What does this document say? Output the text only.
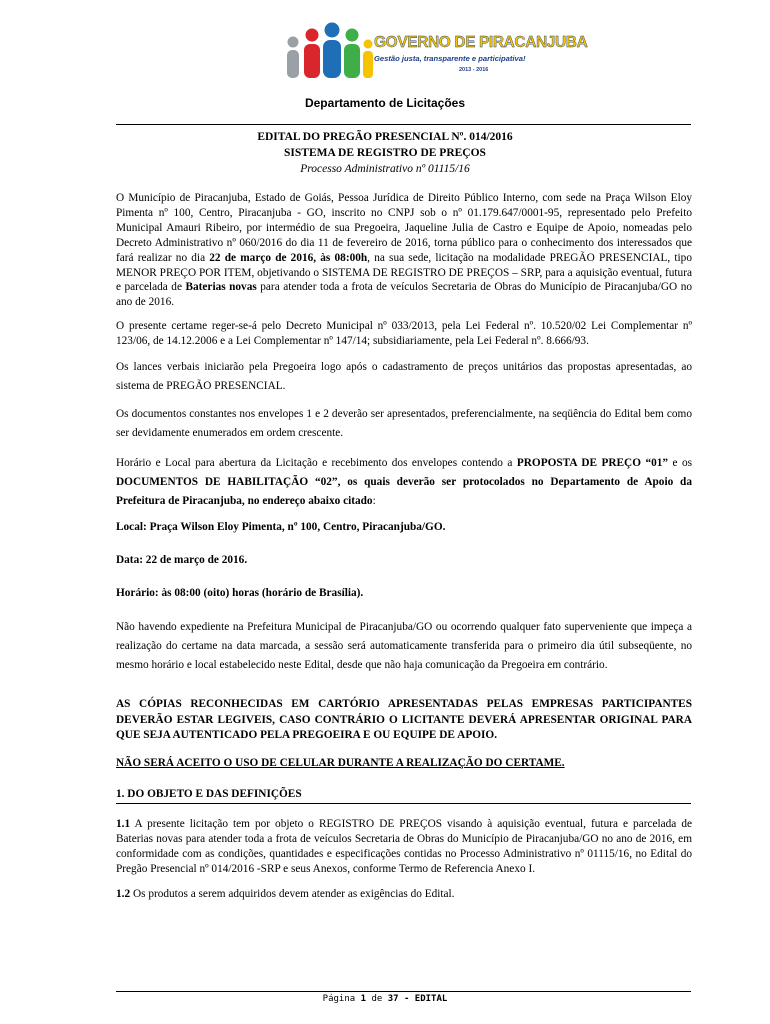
GOVERNO DE PIRACANJUBA
Gestão justa, transparente e participativa!
2013 - 2016
Departamento de Licitações
EDITAL DO PREGÃO PRESENCIAL Nº. 014/2016
SISTEMA DE REGISTRO DE PREÇOS
Processo Administrativo nº 01115/16

O Município de Piracanjuba, Estado de Goiás, Pessoa Jurídica de Direito Público Interno, com sede na Praça Wilson Eloy Pimenta nº 100, Centro, Piracanjuba - GO, inscrito no CNPJ sob o nº 01.179.647/0001-95, representado pelo Prefeito Municipal Amauri Ribeiro, por intermédio de sua Pregoeira, Jaqueline Julia de Castro e Equipe de Apoio, nomeadas pelo Decreto Administrativo nº 060/2016 do dia 11 de fevereiro de 2016, torna público para o conhecimento dos interessados que fará realizar no dia 22 de março de 2016, às 08:00h, na sua sede, licitação na modalidade PREGÃO PRESENCIAL, tipo MENOR PREÇO POR ITEM, objetivando o SISTEMA DE REGISTRO DE PREÇOS – SRP, para a aquisição eventual, futura e parcelada de Baterias novas para atender toda a frota de veículos Secretaria de Obras do Município de Piracanjuba/GO no ano de 2016.

O presente certame reger-se-á pelo Decreto Municipal nº 033/2013, pela Lei Federal nº. 10.520/02 Lei Complementar nº 123/06, de 14.12.2006 e a Lei Complementar nº 147/14; subsidiariamente, pela Lei Federal nº. 8.666/93.

Os lances verbais iniciarão pela Pregoeira logo após o cadastramento de preços unitários das propostas apresentadas, ao sistema de PREGÃO PRESENCIAL.

Os documentos constantes nos envelopes 1 e 2 deverão ser apresentados, preferencialmente, na seqüência do Edital bem como ser devidamente enumerados em ordem crescente.

Horário e Local para abertura da Licitação e recebimento dos envelopes contendo a PROPOSTA DE PREÇO “01” e os DOCUMENTOS DE HABILITAÇÃO “02”, os quais deverão ser protocolados no Departamento de Apoio da Prefeitura de Piracanjuba, no endereço abaixo citado:

Local: Praça Wilson Eloy Pimenta, nº 100, Centro, Piracanjuba/GO.
Data: 22 de março de 2016.
Horário: às 08:00 (oito) horas (horário de Brasília).

Não havendo expediente na Prefeitura Municipal de Piracanjuba/GO ou ocorrendo qualquer fato superveniente que impeça a realização do certame na data marcada, a sessão será automaticamente transferida para o primeiro dia útil subseqüente, no mesmo horário e local estabelecido neste Edital, desde que não haja comunicação da Pregoeira em contrário.

AS CÓPIAS RECONHECIDAS EM CARTÓRIO APRESENTADAS PELAS EMPRESAS PARTICIPANTES DEVERÃO ESTAR LEGIVEIS, CASO CONTRÁRIO O LICITANTE DEVERÁ APRESENTAR ORIGINAL PARA QUE SEJA AUTENTICADO PELA PREGOEIRA E OU EQUIPE DE APOIO.
NÃO SERÁ ACEITO O USO DE CELULAR DURANTE A REALIZAÇÃO DO CERTAME.
1. DO OBJETO E DAS DEFINIÇÕES

1.1 A presente licitação tem por objeto o REGISTRO DE PREÇOS visando à aquisição eventual, futura e parcelada de Baterias novas para atender toda a frota de veículos Secretaria de Obras do Município de Piracanjuba/GO no ano de 2016, em conformidade com as condições, quantidades e especificações contidas no Processo Administrativo nº 01115/16, no Edital do Pregão Presencial nº 014/2016 -SRP e seus Anexos, conforme Termo de Referencia Anexo I.

1.2 Os produtos a serem adquiridos devem atender as exigências do Edital.

Página 1 de 37 - EDITAL
